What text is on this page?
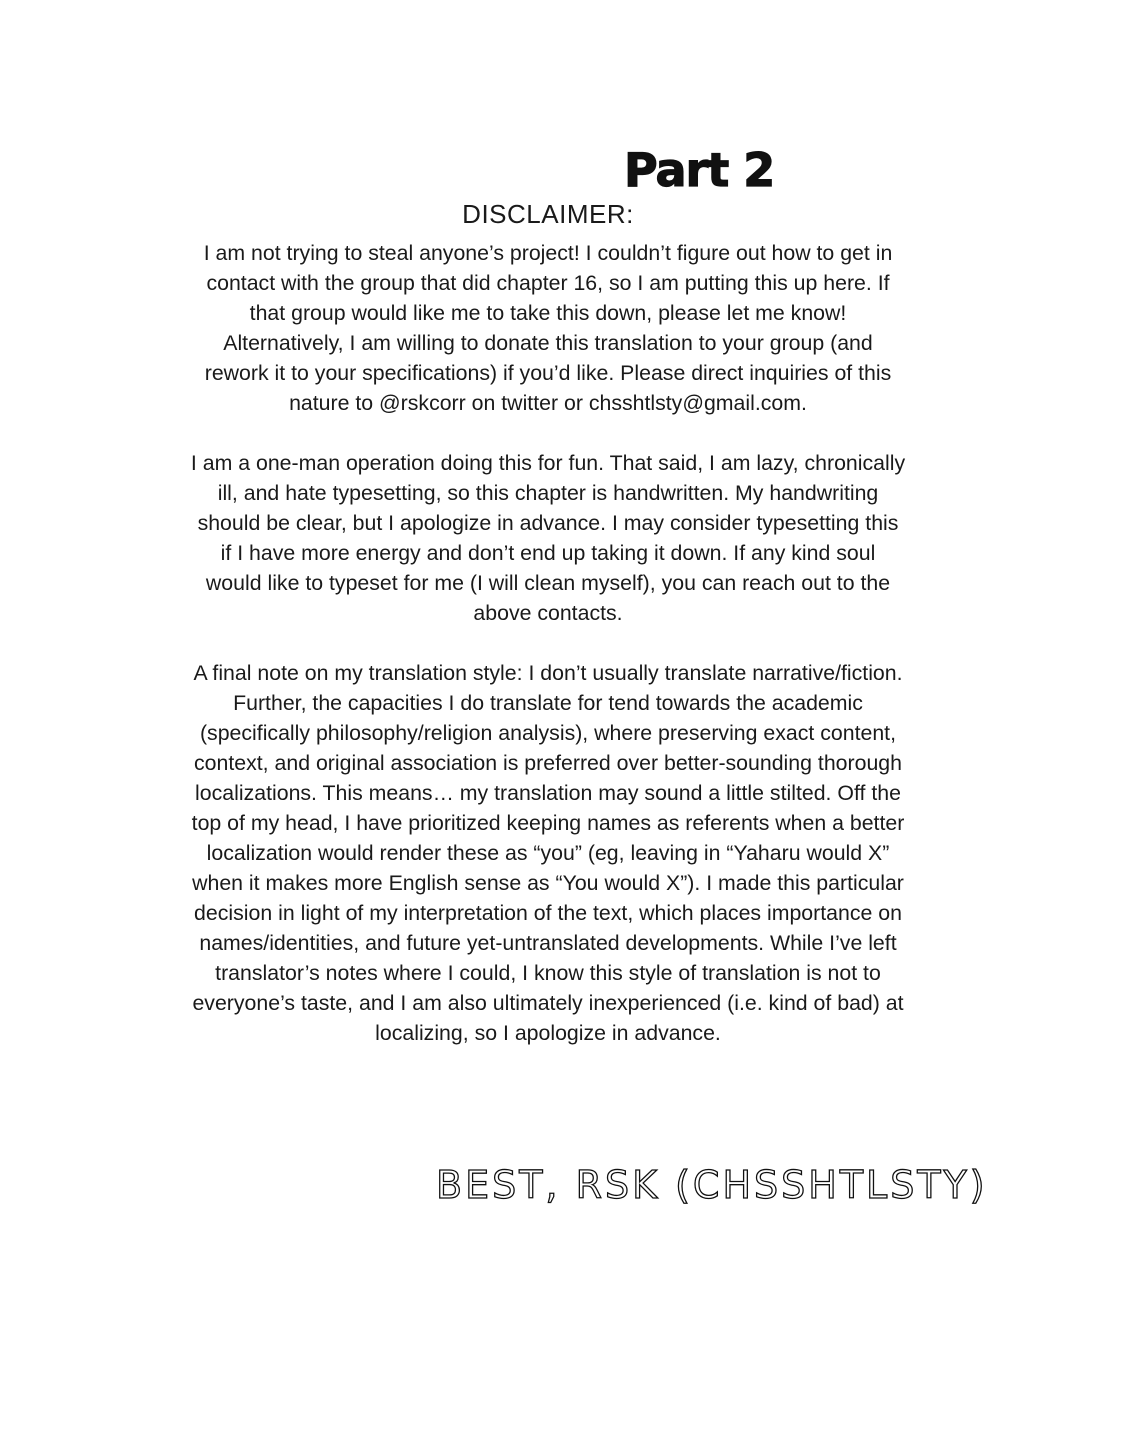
Part 2
DISCLAIMER:

I am not trying to steal anyone’s project! I couldn’t figure out how to get in contact with the group that did chapter 16, so I am putting this up here. If that group would like me to take this down, please let me know! Alternatively, I am willing to donate this translation to your group (and rework it to your specifications) if you’d like. Please direct inquiries of this nature to @rskcorr on twitter or chsshtlsty@gmail.com.

I am a one-man operation doing this for fun. That said, I am lazy, chronically ill, and hate typesetting, so this chapter is handwritten. My handwriting should be clear, but I apologize in advance. I may consider typesetting this if I have more energy and don’t end up taking it down. If any kind soul would like to typeset for me (I will clean myself), you can reach out to the above contacts.

A final note on my translation style: I don’t usually translate narrative/fiction. Further, the capacities I do translate for tend towards the academic (specifically philosophy/religion analysis), where preserving exact content, context, and original association is preferred over better-sounding thorough localizations. This means… my translation may sound a little stilted. Off the top of my head, I have prioritized keeping names as referents when a better localization would render these as “you” (eg, leaving in “Yaharu would X” when it makes more English sense as “You would X”). I made this particular decision in light of my interpretation of the text, which places importance on names/identities, and future yet-untranslated developments. While I’ve left translator’s notes where I could, I know this style of translation is not to everyone’s taste, and I am also ultimately inexperienced (i.e. kind of bad) at localizing, so I apologize in advance.

BEST, RSK (CHSSHTLSTY)
